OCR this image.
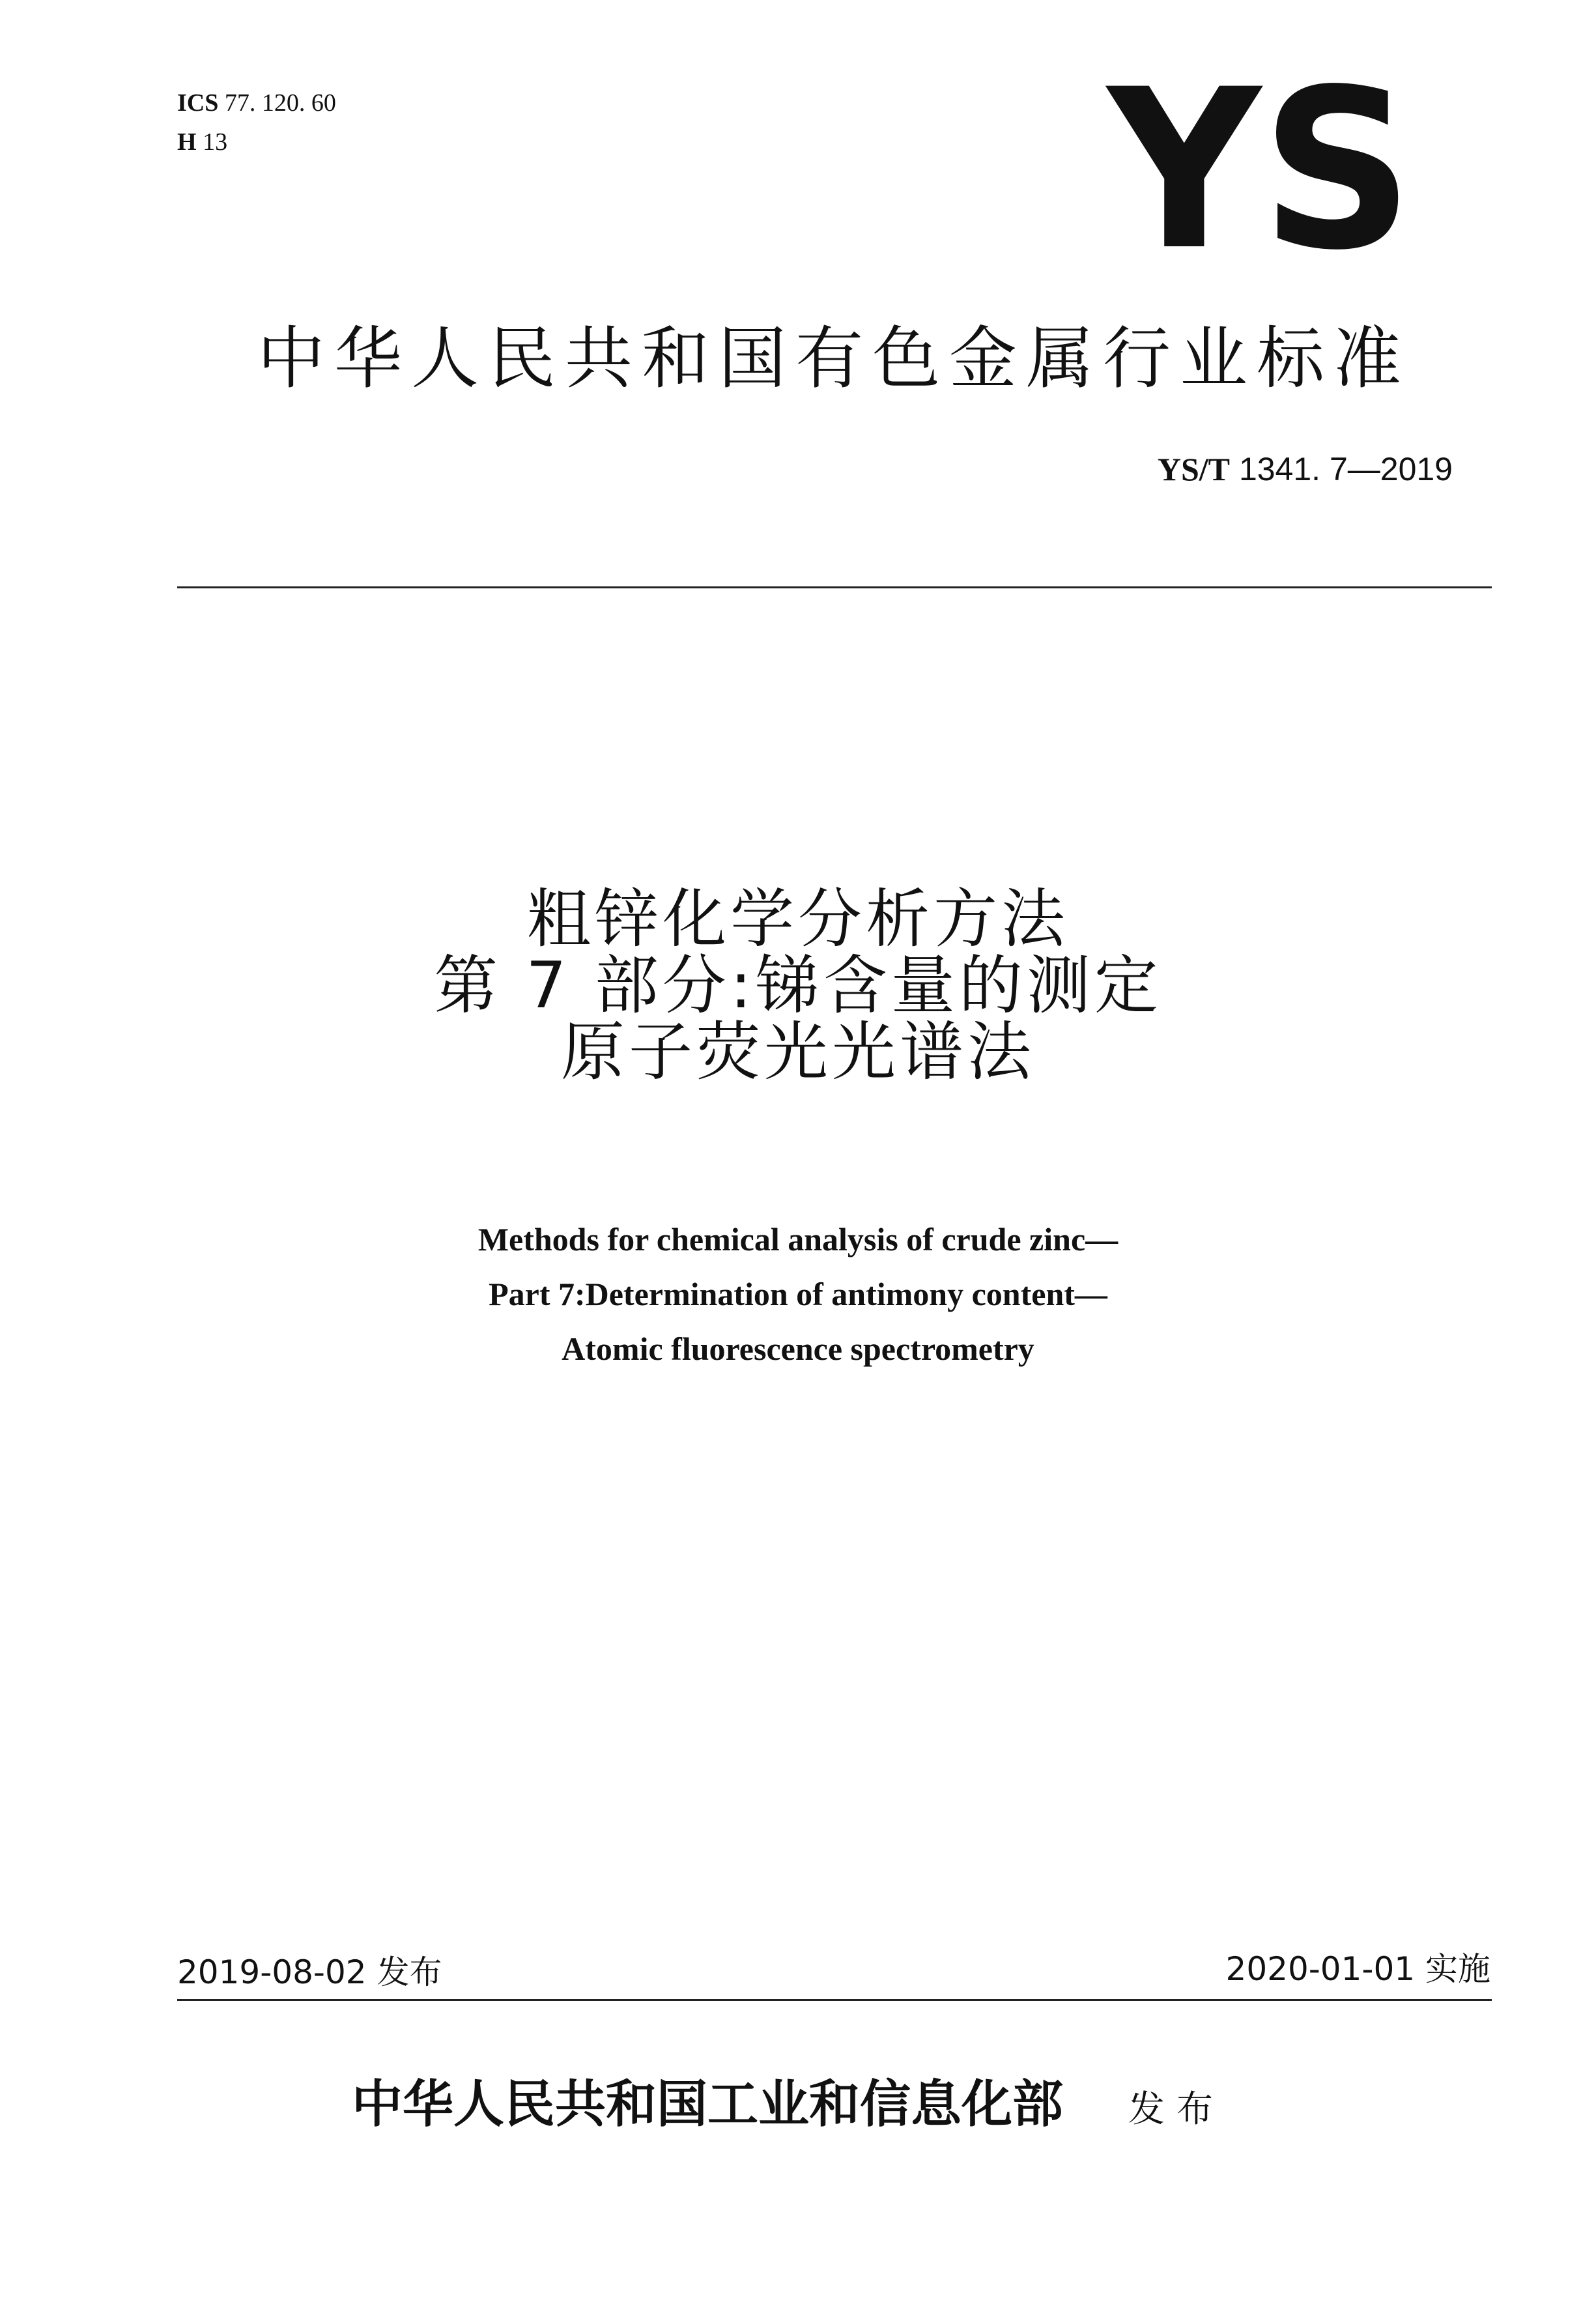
ICS 77. 120. 60
H 13	YS
中华人民共和国有色金属行业标准
YS/T 1341. 7—2019
粗锌化学分析方法
第 7 部分:锑含量的测定
原子荧光光谱法
Methods for chemical analysis of crude zinc—
Part 7:Determination of antimony content—
Atomic fluorescence spectrometry
2019-08-02 发布	2020-01-01 实施
中华人民共和国工业和信息化部 发布
